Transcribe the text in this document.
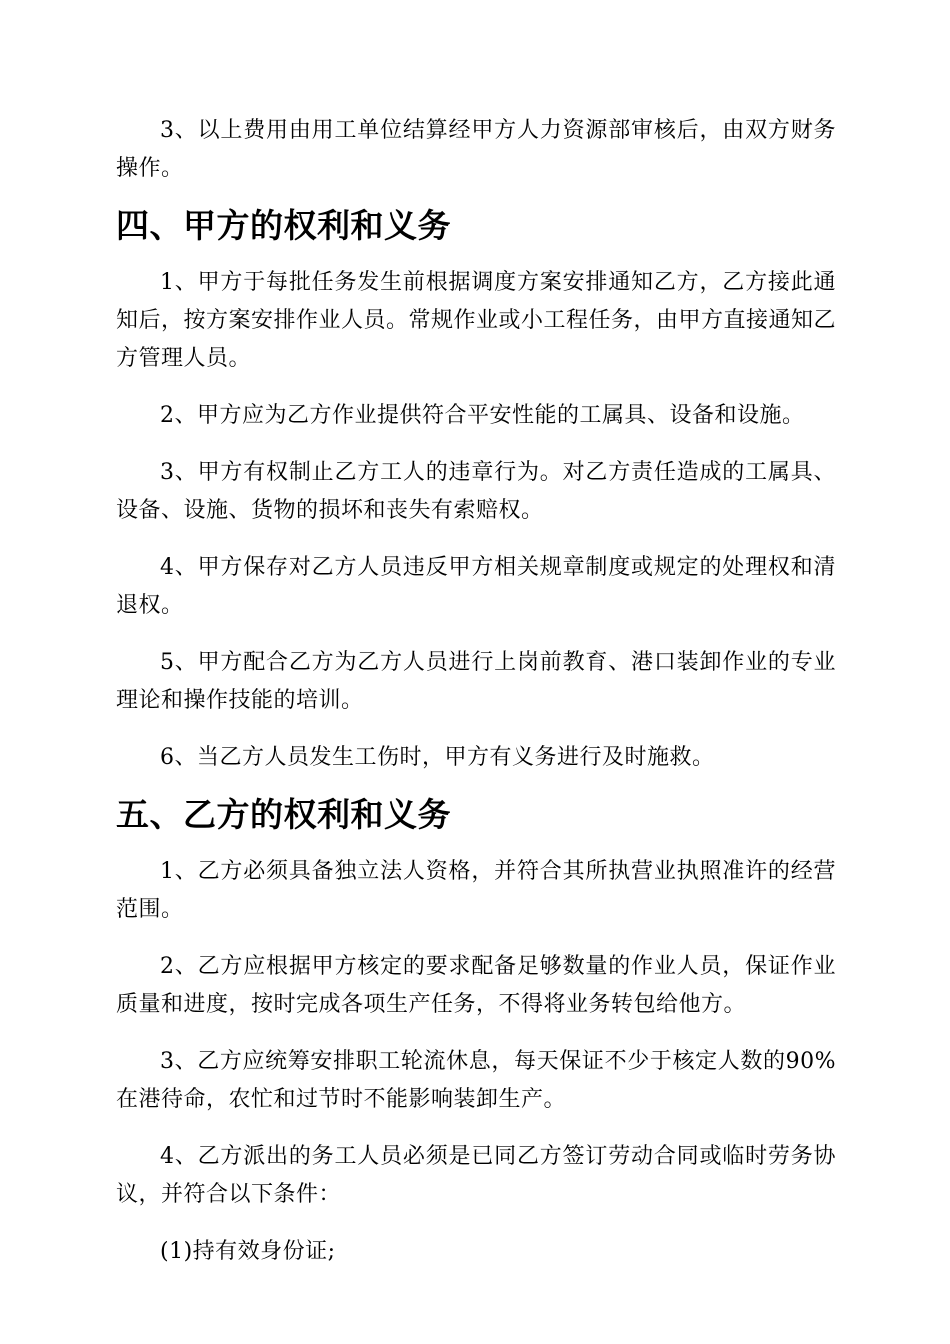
3、以上费用由用工单位结算经甲方人力资源部审核后，由双方财务操作。

四、甲方的权利和义务

1、甲方于每批任务发生前根据调度方案安排通知乙方，乙方接此通知后，按方案安排作业人员。常规作业或小工程任务，由甲方直接通知乙方管理人员。

2、甲方应为乙方作业提供符合平安性能的工属具、设备和设施。

3、甲方有权制止乙方工人的违章行为。对乙方责任造成的工属具、设备、设施、货物的损坏和丧失有索赔权。

4、甲方保存对乙方人员违反甲方相关规章制度或规定的处理权和清退权。

5、甲方配合乙方为乙方人员进行上岗前教育、港口装卸作业的专业理论和操作技能的培训。

6、当乙方人员发生工伤时，甲方有义务进行及时施救。

五、乙方的权利和义务

1、乙方必须具备独立法人资格，并符合其所执营业执照准许的经营范围。

2、乙方应根据甲方核定的要求配备足够数量的作业人员，保证作业质量和进度，按时完成各项生产任务，不得将业务转包给他方。

3、乙方应统筹安排职工轮流休息，每天保证不少于核定人数的90%在港待命，农忙和过节时不能影响装卸生产。

4、乙方派出的务工人员必须是已同乙方签订劳动合同或临时劳务协议，并符合以下条件：

(1)持有效身份证;
